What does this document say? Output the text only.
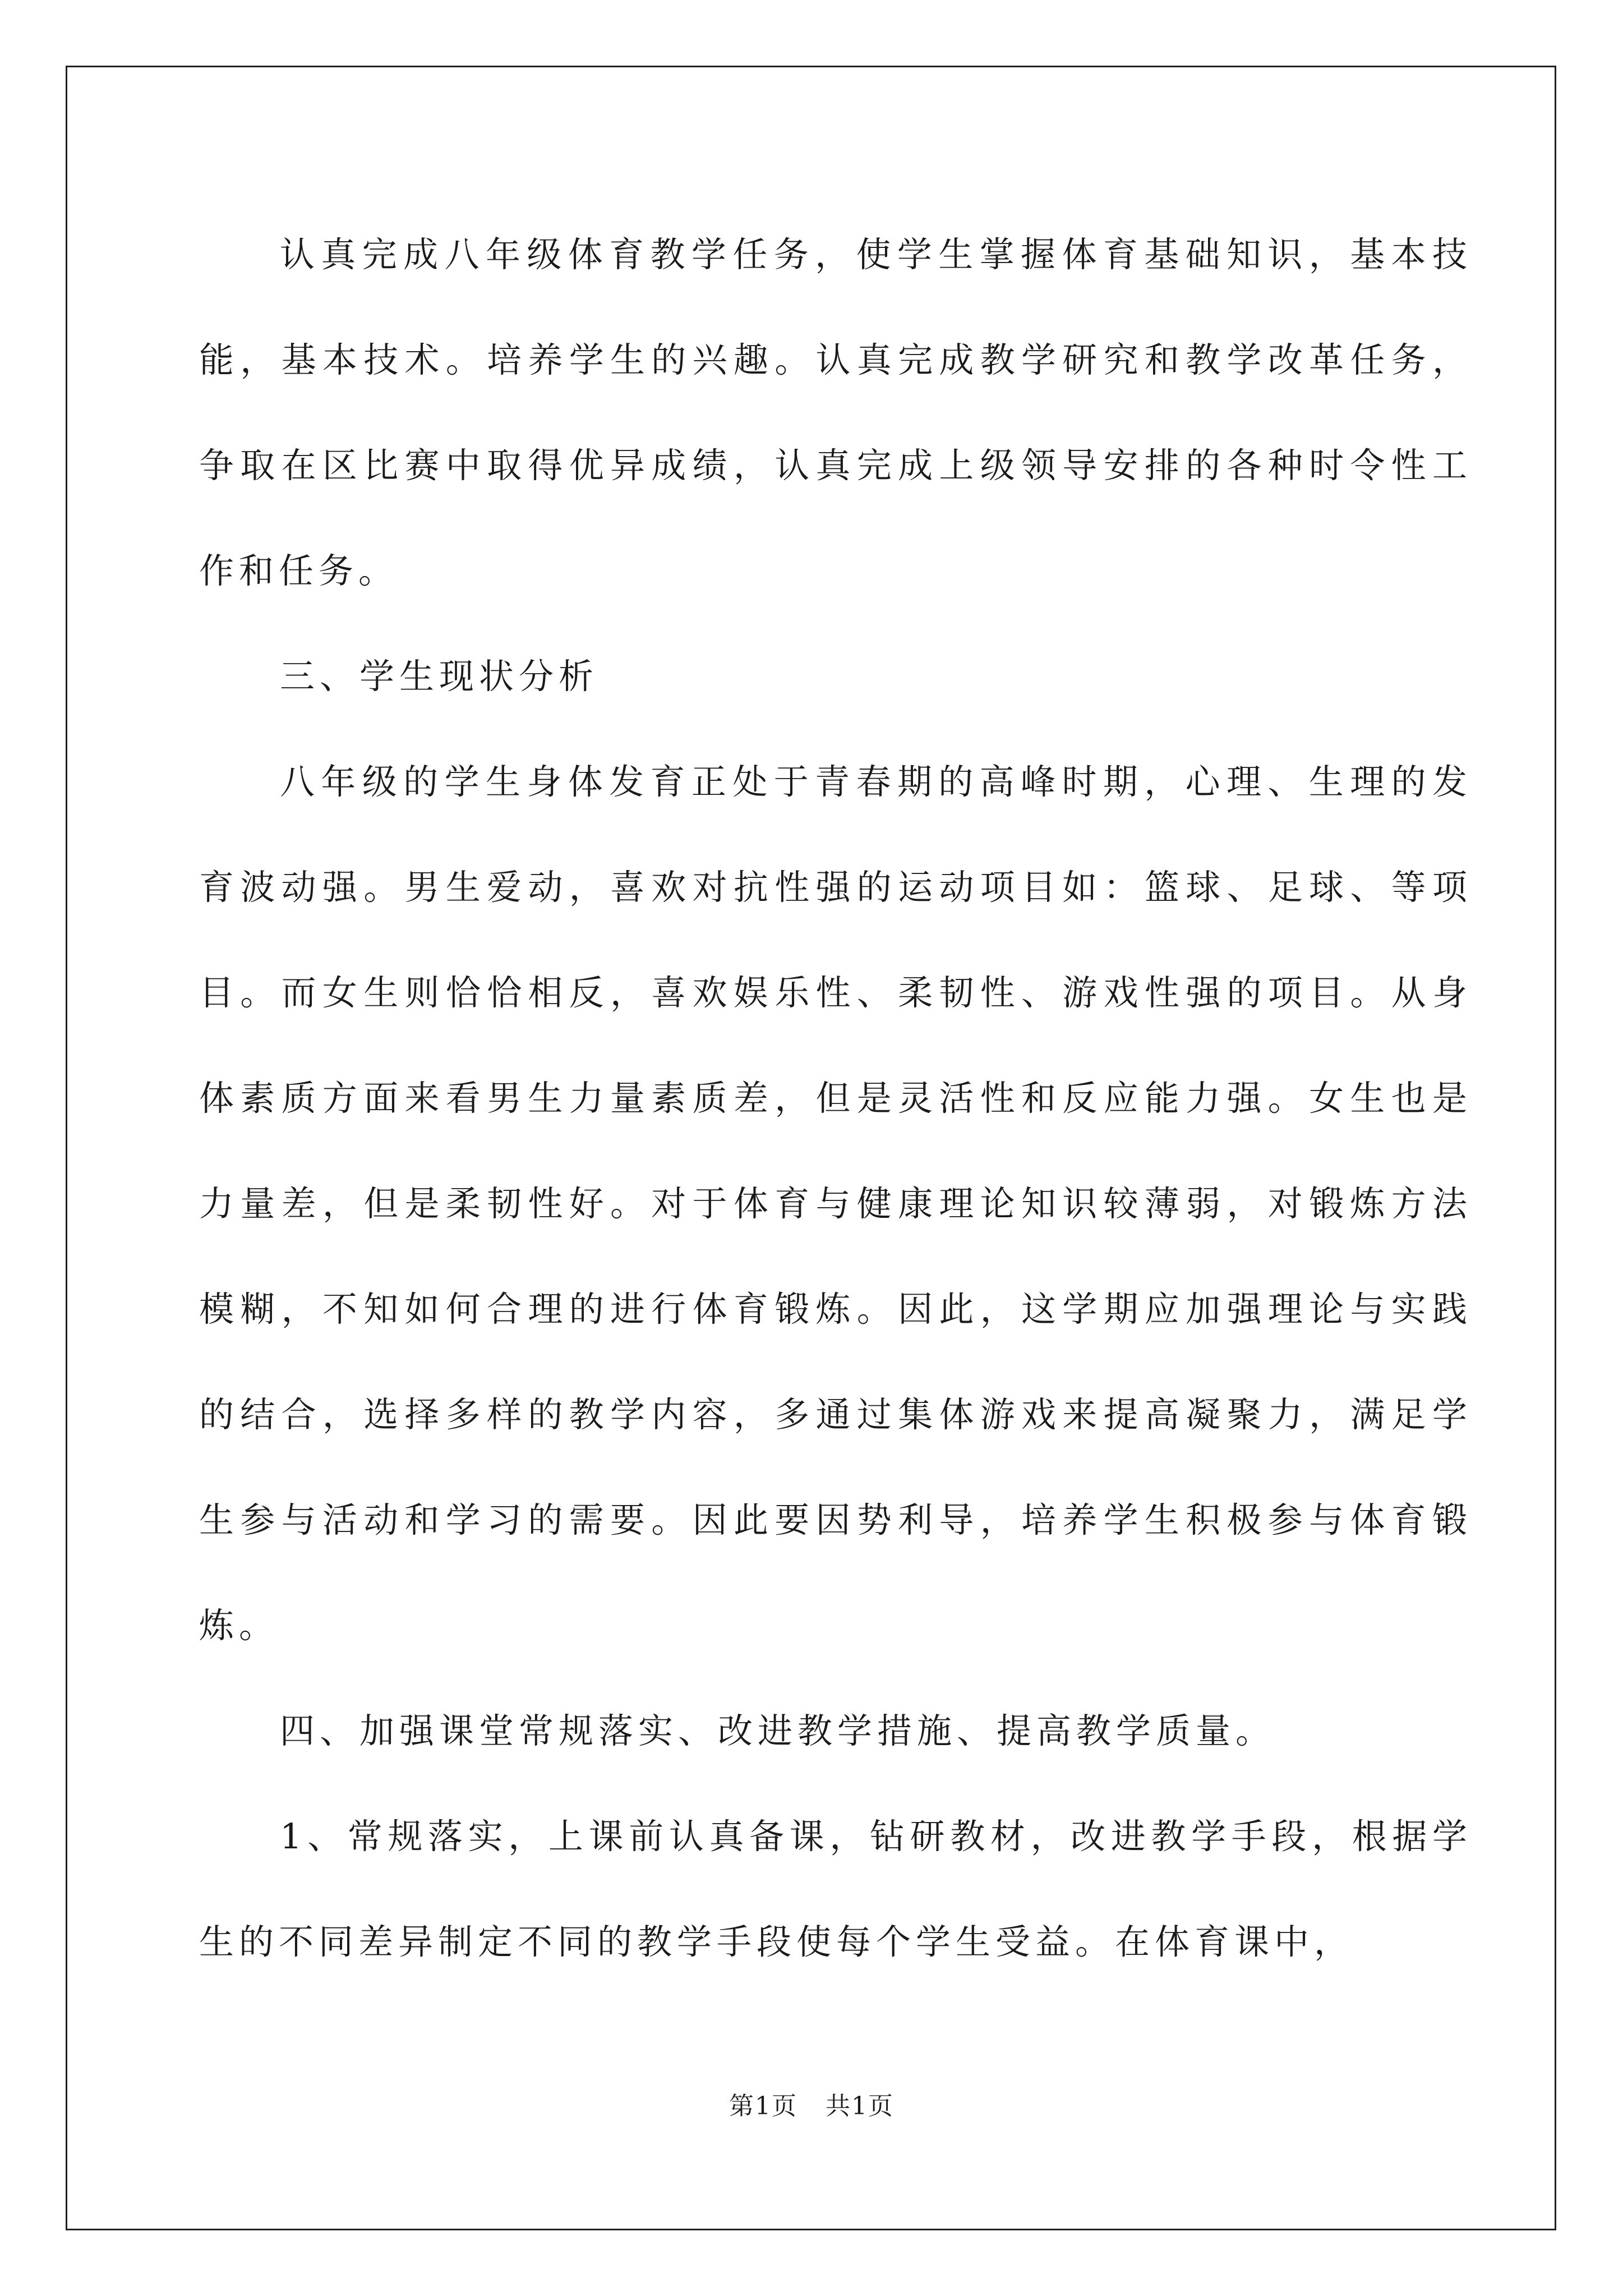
认真完成八年级体育教学任务，使学生掌握体育基础知识，基本技能，基本技术。培养学生的兴趣。认真完成教学研究和教学改革任务，争取在区比赛中取得优异成绩，认真完成上级领导安排的各种时令性工作和任务。

三、学生现状分析

八年级的学生身体发育正处于青春期的高峰时期，心理、生理的发育波动强。男生爱动，喜欢对抗性强的运动项目如：篮球、足球、等项目。而女生则恰恰相反，喜欢娱乐性、柔韧性、游戏性强的项目。从身体素质方面来看男生力量素质差，但是灵活性和反应能力强。女生也是力量差，但是柔韧性好。对于体育与健康理论知识较薄弱，对锻炼方法模糊，不知如何合理的进行体育锻炼。因此，这学期应加强理论与实践的结合，选择多样的教学内容，多通过集体游戏来提高凝聚力，满足学生参与活动和学习的需要。因此要因势利导，培养学生积极参与体育锻炼。

四、加强课堂常规落实、改进教学措施、提高教学质量。

1、常规落实，上课前认真备课，钻研教材，改进教学手段，根据学生的不同差异制定不同的教学手段使每个学生受益。在体育课中，

第1页 共1页
